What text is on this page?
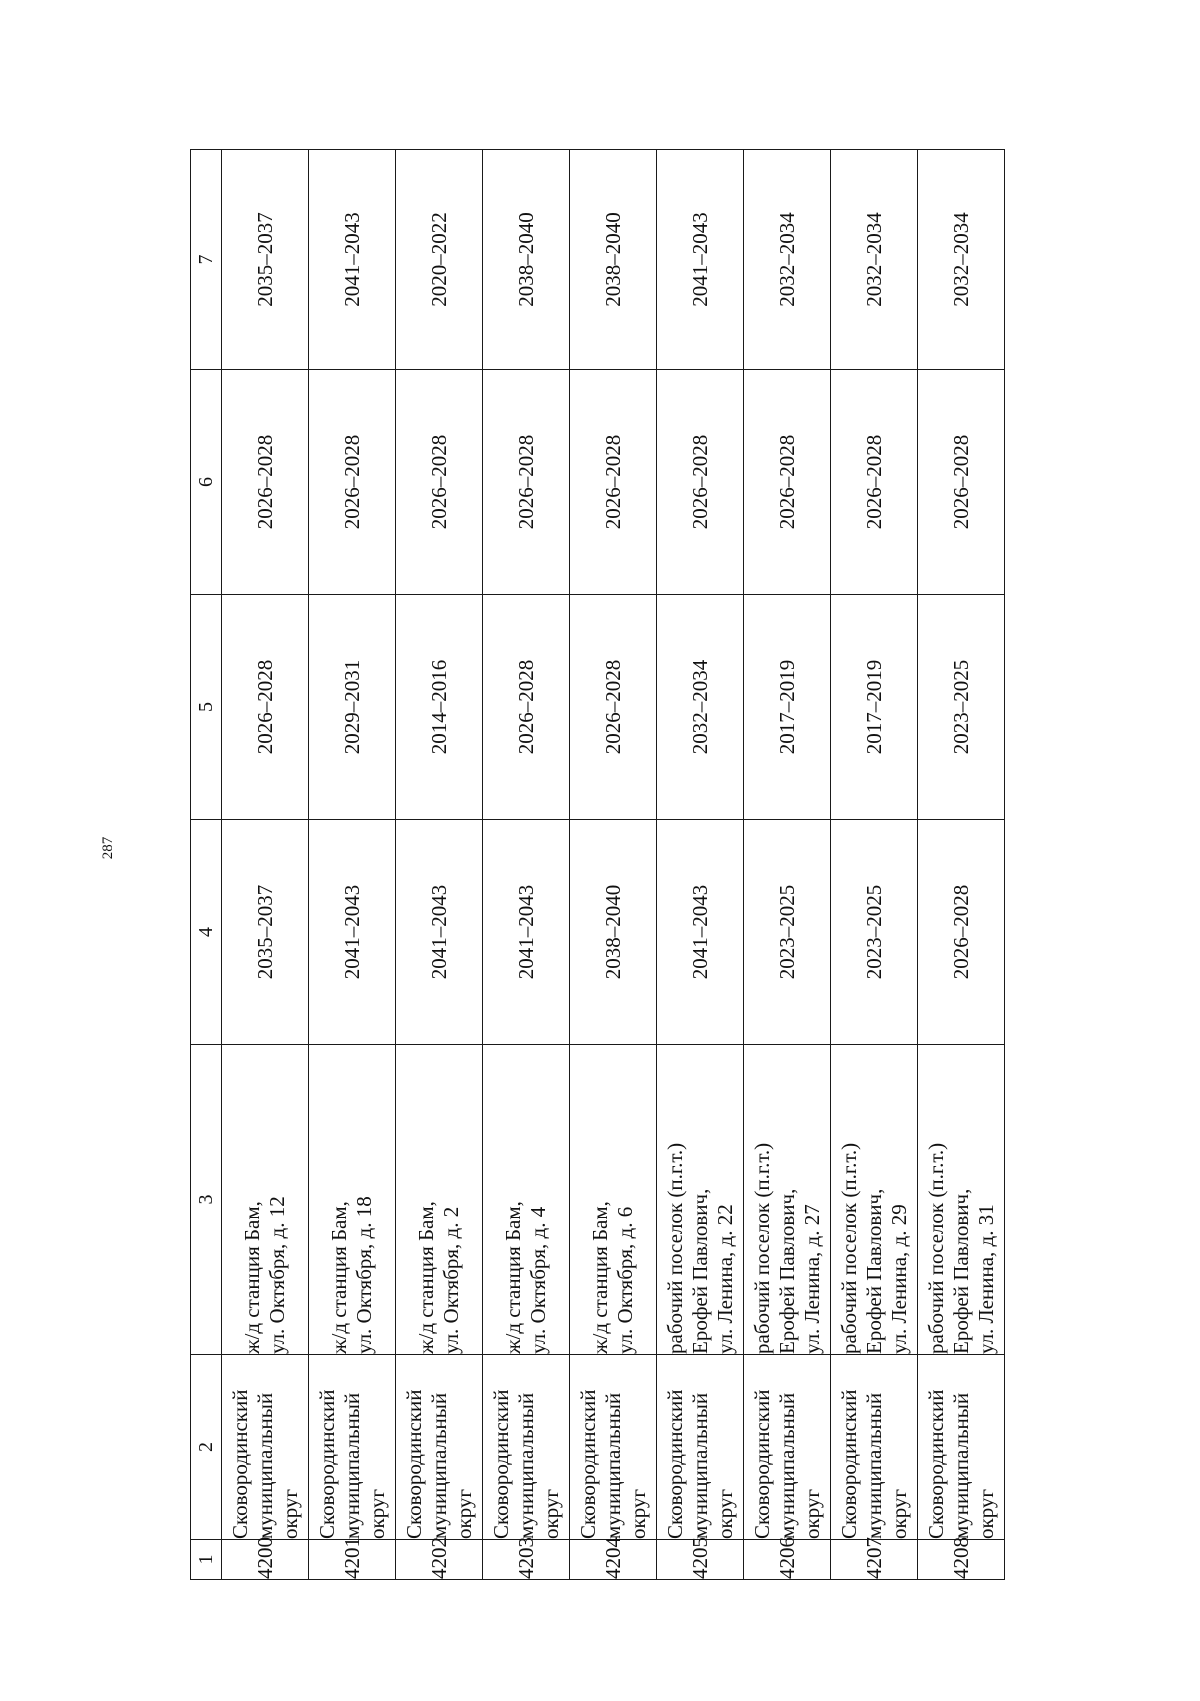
287
1	2	3	4	5	6	7
4200	Сковородинский
муниципальный
округ	ж/д станция Бам,
ул. Октября, д. 12	2035–2037	2026–2028	2026–2028	2035–2037
4201	Сковородинский
муниципальный
округ	ж/д станция Бам,
ул. Октября, д. 18	2041–2043	2029–2031	2026–2028	2041–2043
4202	Сковородинский
муниципальный
округ	ж/д станция Бам,
ул. Октября, д. 2	2041–2043	2014–2016	2026–2028	2020–2022
4203	Сковородинский
муниципальный
округ	ж/д станция Бам,
ул. Октября, д. 4	2041–2043	2026–2028	2026–2028	2038–2040
4204	Сковородинский
муниципальный
округ	ж/д станция Бам,
ул. Октября, д. 6	2038–2040	2026–2028	2026–2028	2038–2040
4205	Сковородинский
муниципальный
округ	рабочий поселок (п.г.т.)
Ерофей Павлович,
ул. Ленина, д. 22	2041–2043	2032–2034	2026–2028	2041–2043
4206	Сковородинский
муниципальный
округ	рабочий поселок (п.г.т.)
Ерофей Павлович,
ул. Ленина, д. 27	2023–2025	2017–2019	2026–2028	2032–2034
4207	Сковородинский
муниципальный
округ	рабочий поселок (п.г.т.)
Ерофей Павлович,
ул. Ленина, д. 29	2023–2025	2017–2019	2026–2028	2032–2034
4208	Сковородинский
муниципальный
округ	рабочий поселок (п.г.т.)
Ерофей Павлович,
ул. Ленина, д. 31	2026–2028	2023–2025	2026–2028	2032–2034
